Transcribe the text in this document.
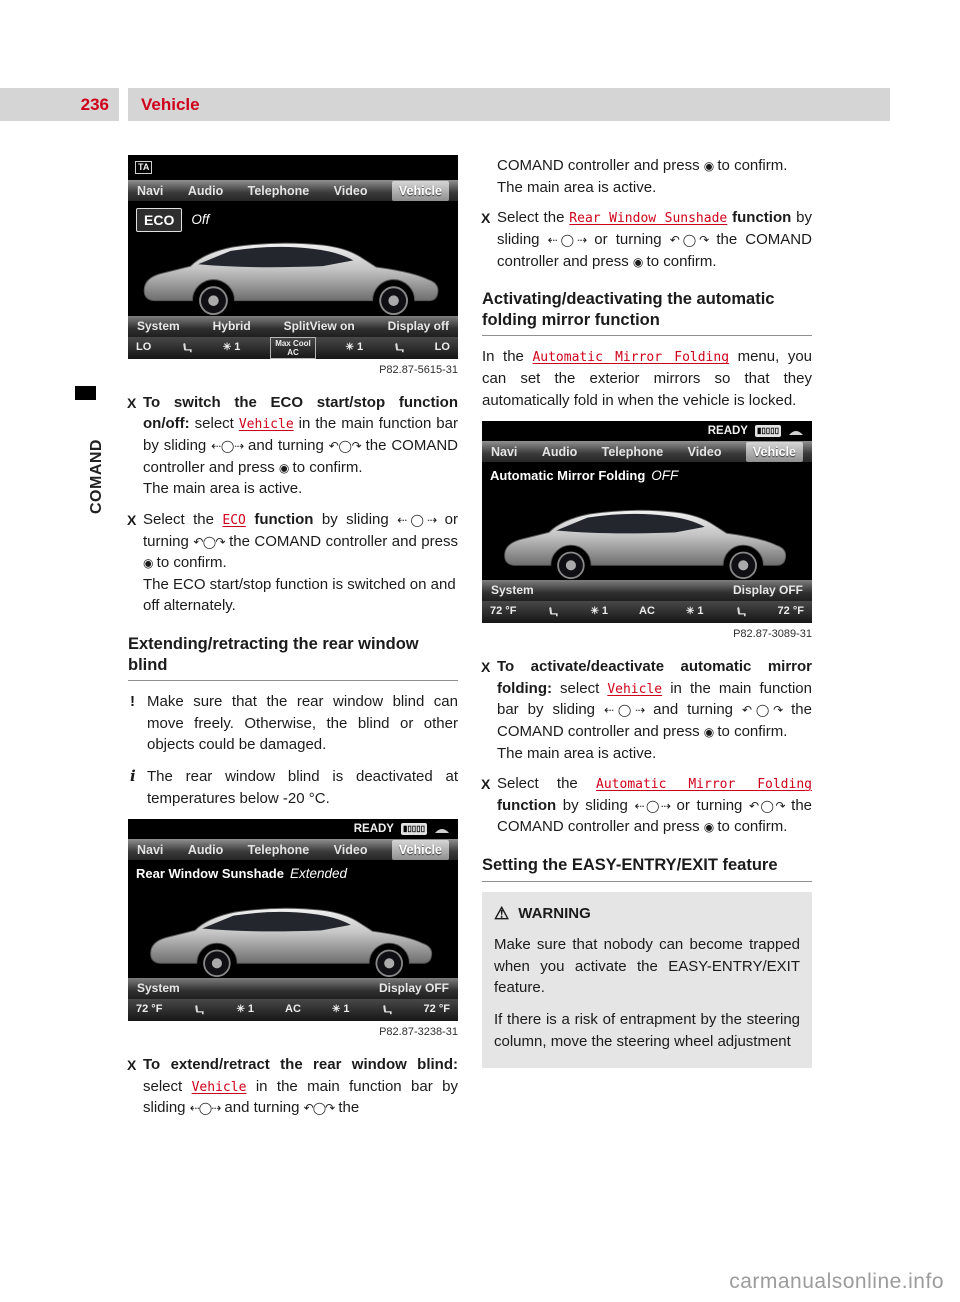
236	Vehicle
COMAND
TA
Navi Audio Telephone Video	Vehicle
ECO	Off
System	Hybrid	SplitView on	Display off
LO	✳ 1	Max Cool
AC	✳ 1	LO
P82.87-5615-31

X To switch the ECO start/stop function on/off: select Vehicle in the main function bar by sliding ⇠◯⇢ and turning ↶◯↷ the COMAND controller and press ◉ to confirm.
The main area is active.

X Select the ECO function by sliding ⇠◯⇢ or turning ↶◯↷ the COMAND controller and press ◉ to confirm.
The ECO start/stop function is switched on and off alternately.

Extending/retracting the rear window blind

! Make sure that the rear window blind can move freely. Otherwise, the blind or other objects could be damaged.

i The rear window blind is deactivated at temperatures below -20 °C.

READY ▮▯▯▯▯
Navi Audio Telephone Video	Vehicle
Rear Window Sunshade Extended
System	Display OFF
72 °F	✳ 1	AC	✳ 1	72 °F
P82.87-3238-31

X To extend/retract the rear window blind: select Vehicle in the main function bar by sliding ⇠◯⇢ and turning ↶◯↷ the

COMAND controller and press ◉ to confirm.
The main area is active.

X Select the Rear Window Sunshade function by sliding ⇠◯⇢ or turning ↶◯↷ the COMAND controller and press ◉ to confirm.

Activating/deactivating the automatic folding mirror function

In the Automatic Mirror Folding menu, you can set the exterior mirrors so that they automatically fold in when the vehicle is locked.

READY ▮▯▯▯▯
Navi Audio Telephone Video	Vehicle
Automatic Mirror Folding OFF
System	Display OFF
72 °F	✳ 1	AC	✳ 1	72 °F
P82.87-3089-31

X To activate/deactivate automatic mirror folding: select Vehicle in the main function bar by sliding ⇠◯⇢ and turning ↶◯↷ the COMAND controller and press ◉ to confirm.
The main area is active.

X Select the Automatic Mirror Folding function by sliding ⇠◯⇢ or turning ↶◯↷ the COMAND controller and press ◉ to confirm.

Setting the EASY-ENTRY/EXIT feature
⚠ WARNING

Make sure that nobody can become trapped when you activate the EASY-ENTRY/EXIT feature.

If there is a risk of entrapment by the steering column, move the steering wheel adjustment

carmanualsonline.info
